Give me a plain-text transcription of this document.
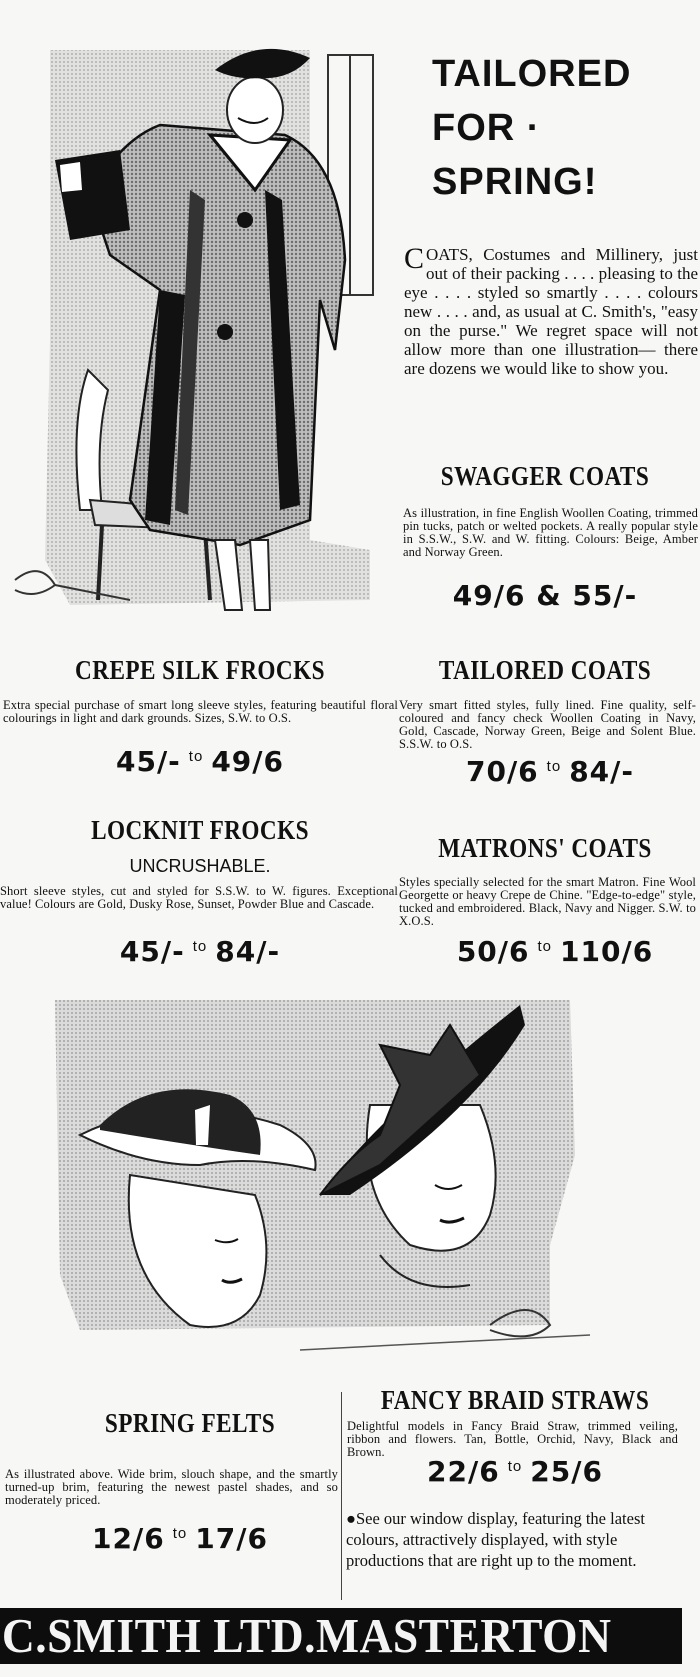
TAILORED
FOR ·
SPRING!
COATS, Costumes and Millinery, just out of their packing . . . . pleasing to the eye . . . . styled so smartly . . . . colours new . . . . and, as usual at C. Smith's, "easy on the purse." We regret space will not allow more than one illustration— there are dozens we would like to show you.
SWAGGER COATS
As illustration, in fine English Woollen Coating, trimmed pin tucks, patch or welted pockets. A really popular style in S.S.W., S.W. and W. fitting. Colours: Beige, Amber and Norway Green.
49/6 & 55/-
CREPE SILK FROCKS
Extra special purchase of smart long sleeve styles, featuring beautiful floral colourings in light and dark grounds. Sizes, S.W. to O.S.
45/- $^{to}$ 49/6
TAILORED COATS
Very smart fitted styles, fully lined. Fine quality, self-coloured and fancy check Woollen Coating in Navy, Gold, Cascade, Norway Green, Beige and Solent Blue. S.S.W. to O.S.
70/6 $^{to}$ 84/-
LOCKNIT FROCKS
UNCRUSHABLE.
Short sleeve styles, cut and styled for S.S.W. to W. figures. Exceptional value! Colours are Gold, Dusky Rose, Sunset, Powder Blue and Cascade.
45/- $^{to}$ 84/-
MATRONS' COATS
Styles specially selected for the smart Matron. Fine Wool Georgette or heavy Crepe de Chine. "Edge-to-edge" style, tucked and embroidered. Black, Navy and Nigger. S.W. to X.O.S.
50/6 $^{to}$ 110/6
SPRING FELTS
As illustrated above. Wide brim, slouch shape, and the smartly turned-up brim, featuring the newest pastel shades, and so moderately priced.
12/6 $^{to}$ 17/6
FANCY BRAID STRAWS
Delightful models in Fancy Braid Straw, trimmed veiling, ribbon and flowers. Tan, Bottle, Orchid, Navy, Black and Brown.
22/6 $^{to}$ 25/6
●See our window display, featuring the latest colours, attractively displayed, with style productions that are right up to the moment.
C.SMITH LTD.MASTERTON
